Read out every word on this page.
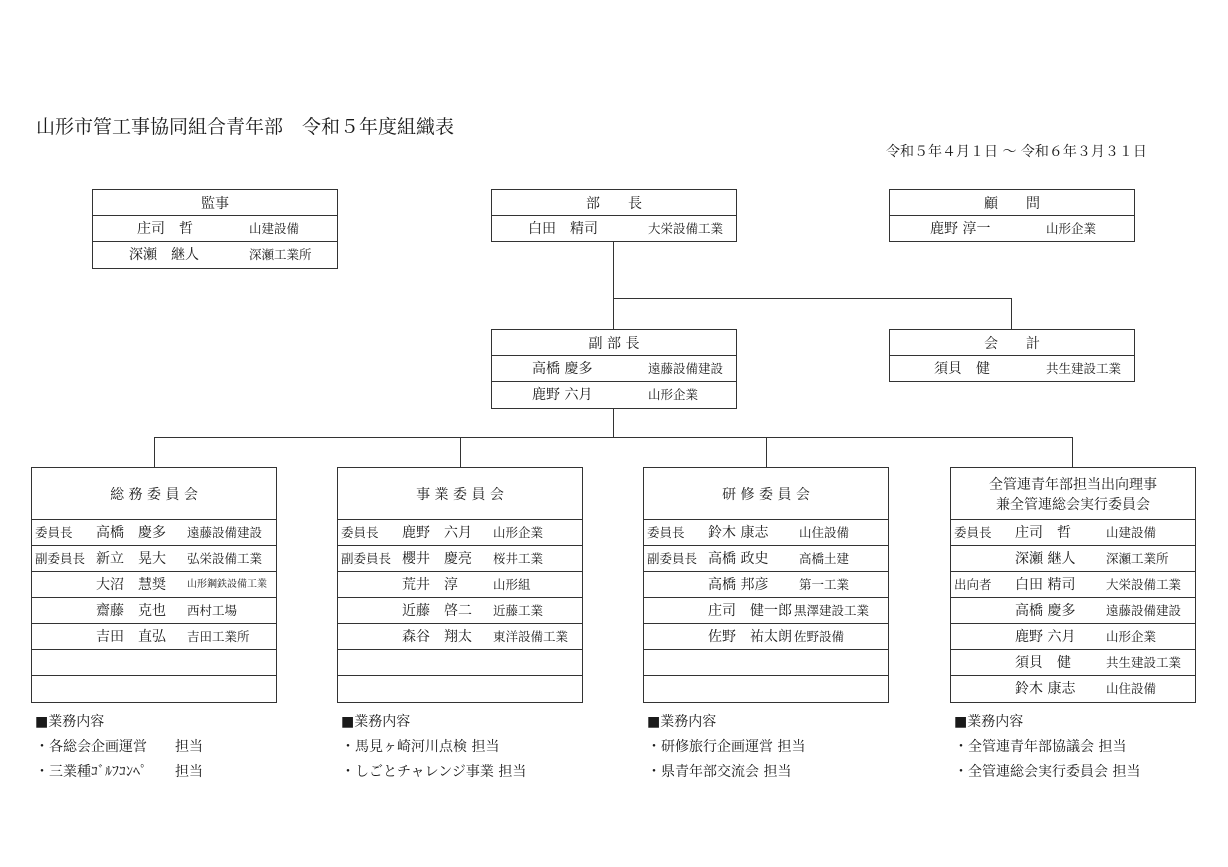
山形市管工事協同組合青年部　令和５年度組織表
令和５年４月１日 ～ 令和６年３月３１日
監事
庄司　哲	山建設備
深瀬　継人	深瀬工業所
部　　長
白田　精司	大栄設備工業
顧　　問
鹿野 淳一	山形企業
副 部 長
高橋 慶多	遠藤設備建設
鹿野 六月	山形企業
会　　計
須貝　健	共生建設工業
総 務 委 員 会
委員長 高橋　慶多 遠藤設備建設
副委員長 新立　晃大 弘栄設備工業
大沼　慧奨 山形鋼鉄設備工業
齋藤　克也 西村工場
吉田　直弘 吉田工業所
■業務内容
・各総会企画運営　　担当
・三業種ｺﾞﾙﾌｺﾝﾍﾟ　　担当
事 業 委 員 会
委員長 鹿野　六月 山形企業
副委員長 櫻井　慶亮 桜井工業
荒井　淳	山形組
近藤　啓二 近藤工業
森谷　翔太 東洋設備工業
■業務内容
・馬見ヶ崎河川点検 担当
・しごとチャレンジ事業 担当
研 修 委 員 会
委員長 鈴木 康志 山住設備
副委員長 高橋 政史 高橋土建
高橋 邦彦 第一工業
庄司　健一郎 黒澤建設工業
佐野　祐太朗 佐野設備
■業務内容
・研修旅行企画運営 担当
・県青年部交流会 担当
全管連青年部担当出向理事
兼全管連総会実行委員会
委員長 庄司　哲	山建設備
深瀬 継人 深瀬工業所
出向者 白田 精司 大栄設備工業
高橋 慶多 遠藤設備建設
鹿野 六月 山形企業
須貝　健	共生建設工業
鈴木 康志 山住設備
■業務内容
・全管連青年部協議会 担当
・全管連総会実行委員会 担当
